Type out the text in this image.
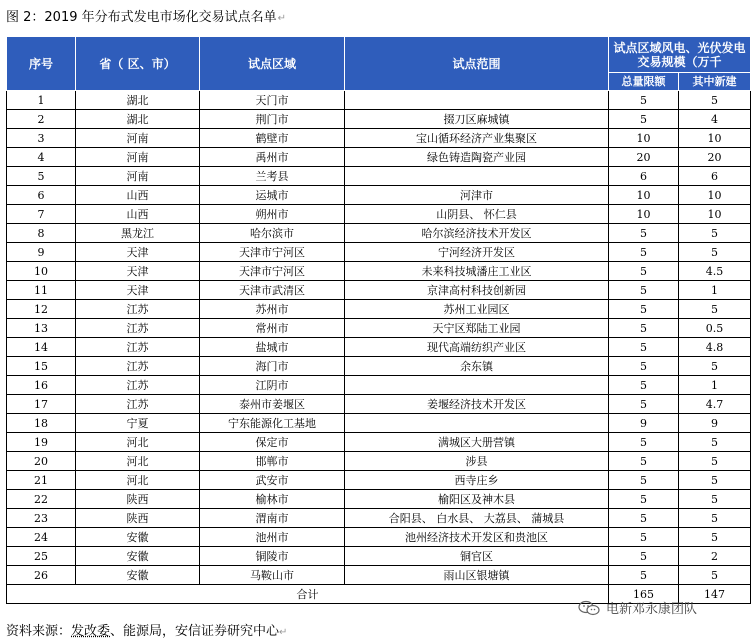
图 2：2019 年分布式发电市场化交易试点名单↵
序号	省（ 区、市）	试点区域	试点范围	试点区域风电、光伏发电交易规模（万千	
				总量限额	其中新建
1	湖北	天门市		5	5
2	湖北	荆门市	掇刀区麻城镇	5	4
3	河南	鹤壁市	宝山循环经济产业集聚区	10	10
4	河南	禹州市	绿色铸造陶瓷产业园	20	20
5	河南	兰考县		6	6
6	山西	运城市	河津市	10	10
7	山西	朔州市	山阴县、 怀仁县	10	10
8	黑龙江	哈尔滨市	哈尔滨经济技术开发区	5	5
9	天津	天津市宁河区	宁河经济开发区	5	5
10	天津	天津市宁河区	未来科技城潘庄工业区	5	4.5
11	天津	天津市武清区	京津高村科技创新园	5	1
12	江苏	苏州市	苏州工业园区	5	5
13	江苏	常州市	天宁区郑陆工业园	5	0.5
14	江苏	盐城市	现代高端纺织产业区	5	4.8
15	江苏	海门市	余东镇	5	5
16	江苏	江阴市		5	1
17	江苏	泰州市姜堰区	姜堰经济技术开发区	5	4.7
18	宁夏	宁东能源化工基地		9	9
19	河北	保定市	满城区大册营镇	5	5
20	河北	邯郸市	涉县	5	5
21	河北	武安市	西寺庄乡	5	5
22	陕西	榆林市	榆阳区及神木县	5	5
23	陕西	渭南市	合阳县、 白水县、 大荔县、 蒲城县	5	5
24	安徽	池州市	池州经济技术开发区和贵池区	5	5
25	安徽	铜陵市	铜官区	5	2
26	安徽	马鞍山市	雨山区银塘镇	5	5
合计				165	147
资料来源：发改委、能源局，安信证券研究中心↵
电新邓永康团队
